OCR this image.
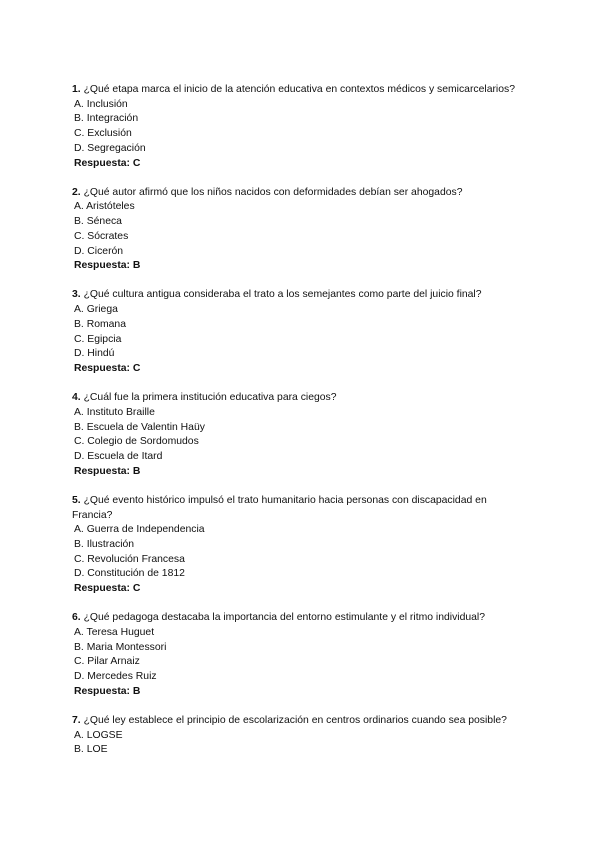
1. ¿Qué etapa marca el inicio de la atención educativa en contextos médicos y semicarcelarios?

A. Inclusión
B. Integración
C. Exclusión
D. Segregación
Respuesta: C

2. ¿Qué autor afirmó que los niños nacidos con deformidades debían ser ahogados?

A. Aristóteles
B. Séneca
C. Sócrates
D. Cicerón
Respuesta: B

3. ¿Qué cultura antigua consideraba el trato a los semejantes como parte del juicio final?

A. Griega
B. Romana
C. Egipcia
D. Hindú
Respuesta: C

4. ¿Cuál fue la primera institución educativa para ciegos?

A. Instituto Braille
B. Escuela de Valentin Haüy
C. Colegio de Sordomudos
D. Escuela de Itard
Respuesta: B

5. ¿Qué evento histórico impulsó el trato humanitario hacia personas con discapacidad en Francia?

A. Guerra de Independencia
B. Ilustración
C. Revolución Francesa
D. Constitución de 1812
Respuesta: C

6. ¿Qué pedagoga destacaba la importancia del entorno estimulante y el ritmo individual?

A. Teresa Huguet
B. Maria Montessori
C. Pilar Arnaiz
D. Mercedes Ruiz
Respuesta: B

7. ¿Qué ley establece el principio de escolarización en centros ordinarios cuando sea posible?

A. LOGSE
B. LOE
